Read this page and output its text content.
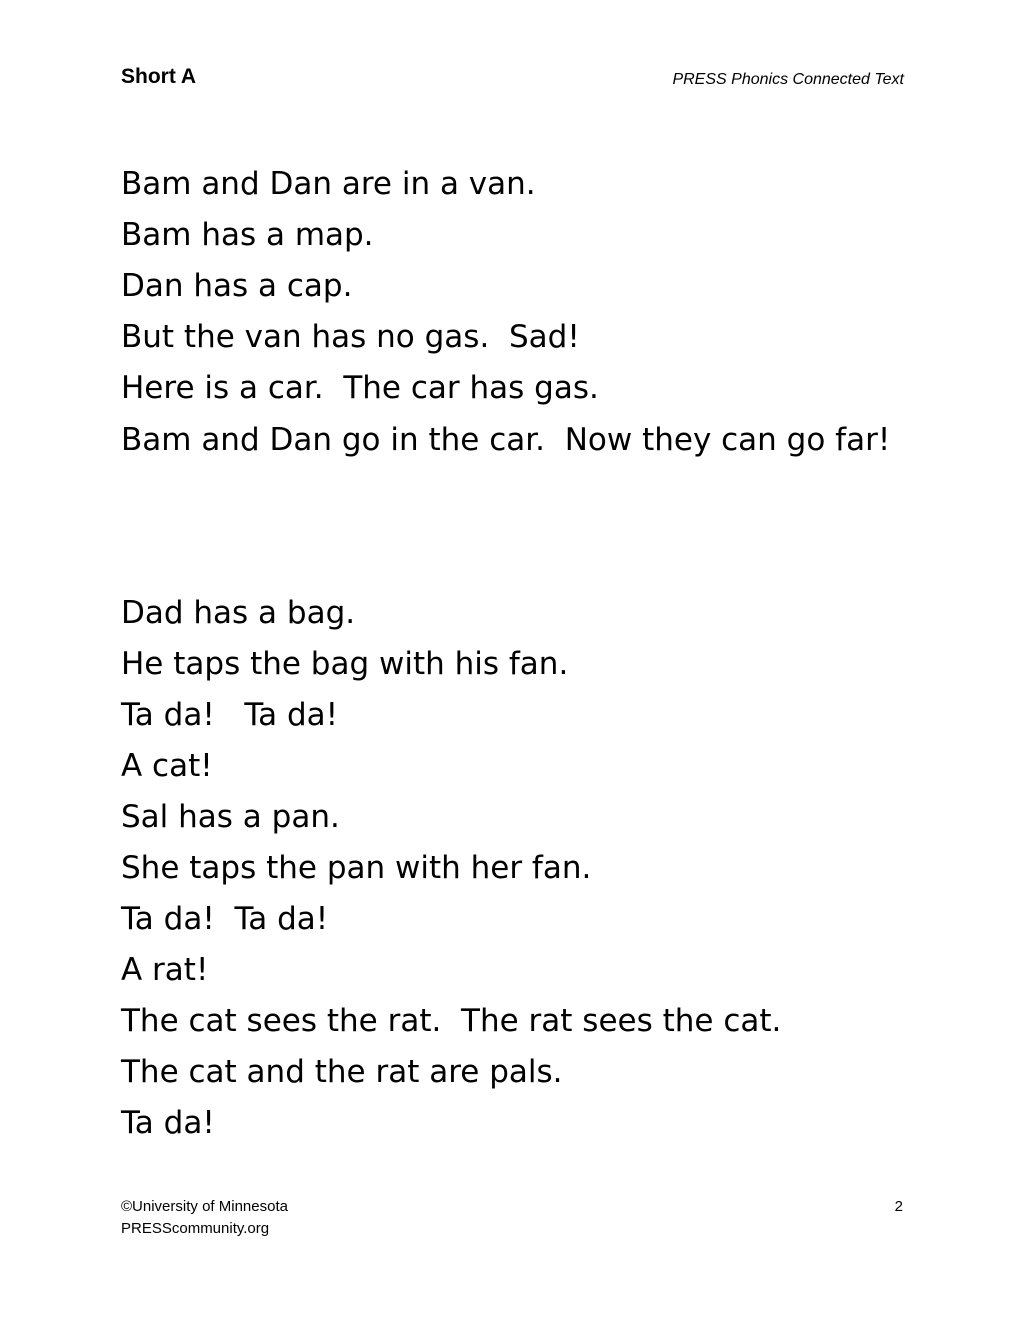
Short A	PRESS Phonics Connected Text
Bam and Dan are in a van.
Bam has a map.
Dan has a cap.
But the van has no gas.  Sad!
Here is a car.  The car has gas.
Bam and Dan go in the car.  Now they can go far!
Dad has a bag.
He taps the bag with his fan.
Ta da!   Ta da!
A cat!
Sal has a pan.
She taps the pan with her fan.
Ta da!  Ta da!
A rat!
The cat sees the rat.  The rat sees the cat.
The cat and the rat are pals.
Ta da!
©University of Minnesota
PRESScommunity.org
2
